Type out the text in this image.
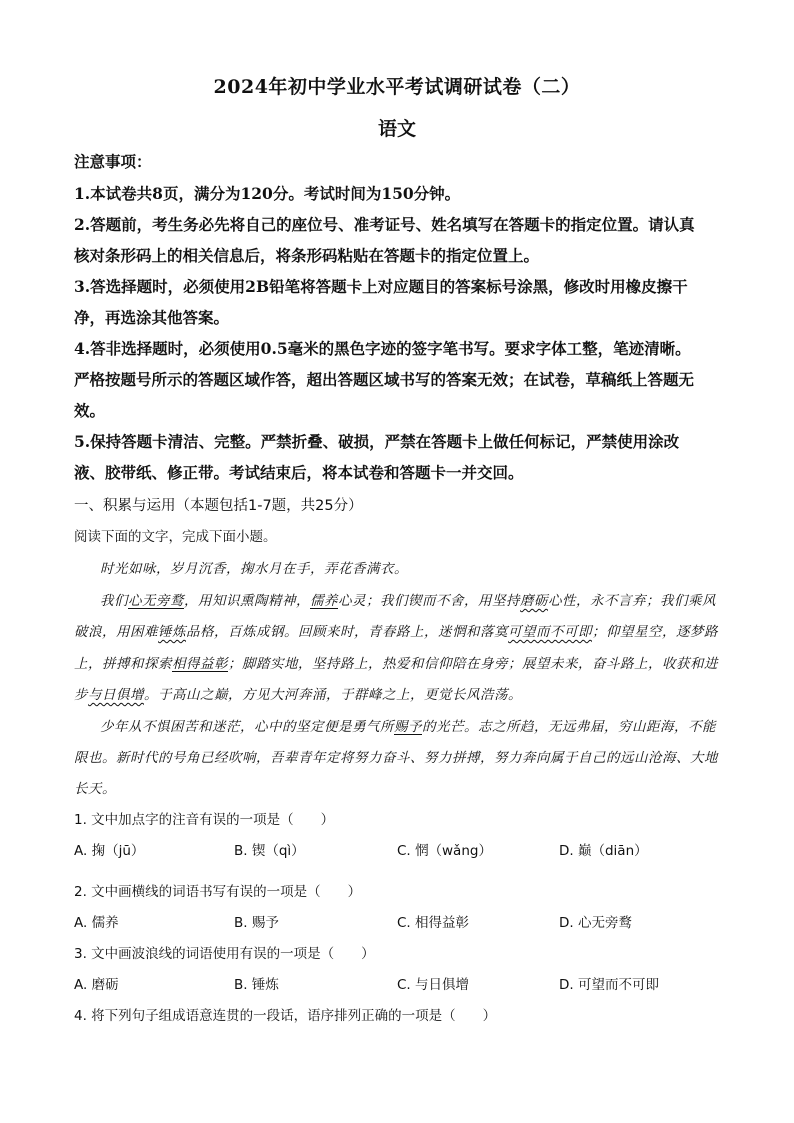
2024年初中学业水平考试调研试卷（二）
语文
注意事项：
1.本试卷共8页，满分为120分。考试时间为150分钟。
2.答题前，考生务必先将自己的座位号、准考证号、姓名填写在答题卡的指定位置。请认真
核对条形码上的相关信息后，将条形码粘贴在答题卡的指定位置上。
3.答选择题时，必须使用2B铅笔将答题卡上对应题目的答案标号涂黑，修改时用橡皮擦干
净，再选涂其他答案。
4.答非选择题时，必须使用0.5毫米的黑色字迹的签字笔书写。要求字体工整，笔迹清晰。
严格按题号所示的答题区域作答，超出答题区域书写的答案无效；在试卷，草稿纸上答题无
效。
5.保持答题卡清洁、完整。严禁折叠、破损，严禁在答题卡上做任何标记，严禁使用涂改
液、胶带纸、修正带。考试结束后，将本试卷和答题卡一并交回。
一、积累与运用（本题包括1-7题，共25分）
阅读下面的文字，完成下面小题。
时光如咏，岁月沉香，掬水月在手，弄花香满衣。
我们心无旁鹜，用知识熏陶精神，儒养心灵；我们锲而不舍，用坚持磨砺心性，永不言弃；我们乘风
破浪，用困难锤炼品格，百炼成钢。回顾来时，青春路上，迷惘和落寞可望而不可即；仰望星空，逐梦路
上，拼搏和探索相得益彰；脚踏实地，坚持路上，热爱和信仰陪在身旁；展望未来，奋斗路上，收获和进
步与日俱增。于高山之巅，方见大河奔涌，于群峰之上，更觉长风浩荡。
少年从不惧困苦和迷茫，心中的坚定便是勇气所赐予的光芒。志之所趋，无远弗届，穷山距海，不能
限也。新时代的号角已经吹响，吾辈青年定将努力奋斗、努力拼搏，努力奔向属于自己的远山沧海、大地
长天。
1. 文中加点字的注音有误的一项是（　　）
A. 掬（jū）	B. 锲（qì）	C. 惘（wǎng）	D. 巅（diān）
2. 文中画横线的词语书写有误的一项是（　　）
A. 儒养	B. 赐予	C. 相得益彰	D. 心无旁鹜
3. 文中画波浪线的词语使用有误的一项是（　　）
A. 磨砺	B. 锤炼	C. 与日俱增	D. 可望而不可即
4. 将下列句子组成语意连贯的一段话，语序排列正确的一项是（　　）
